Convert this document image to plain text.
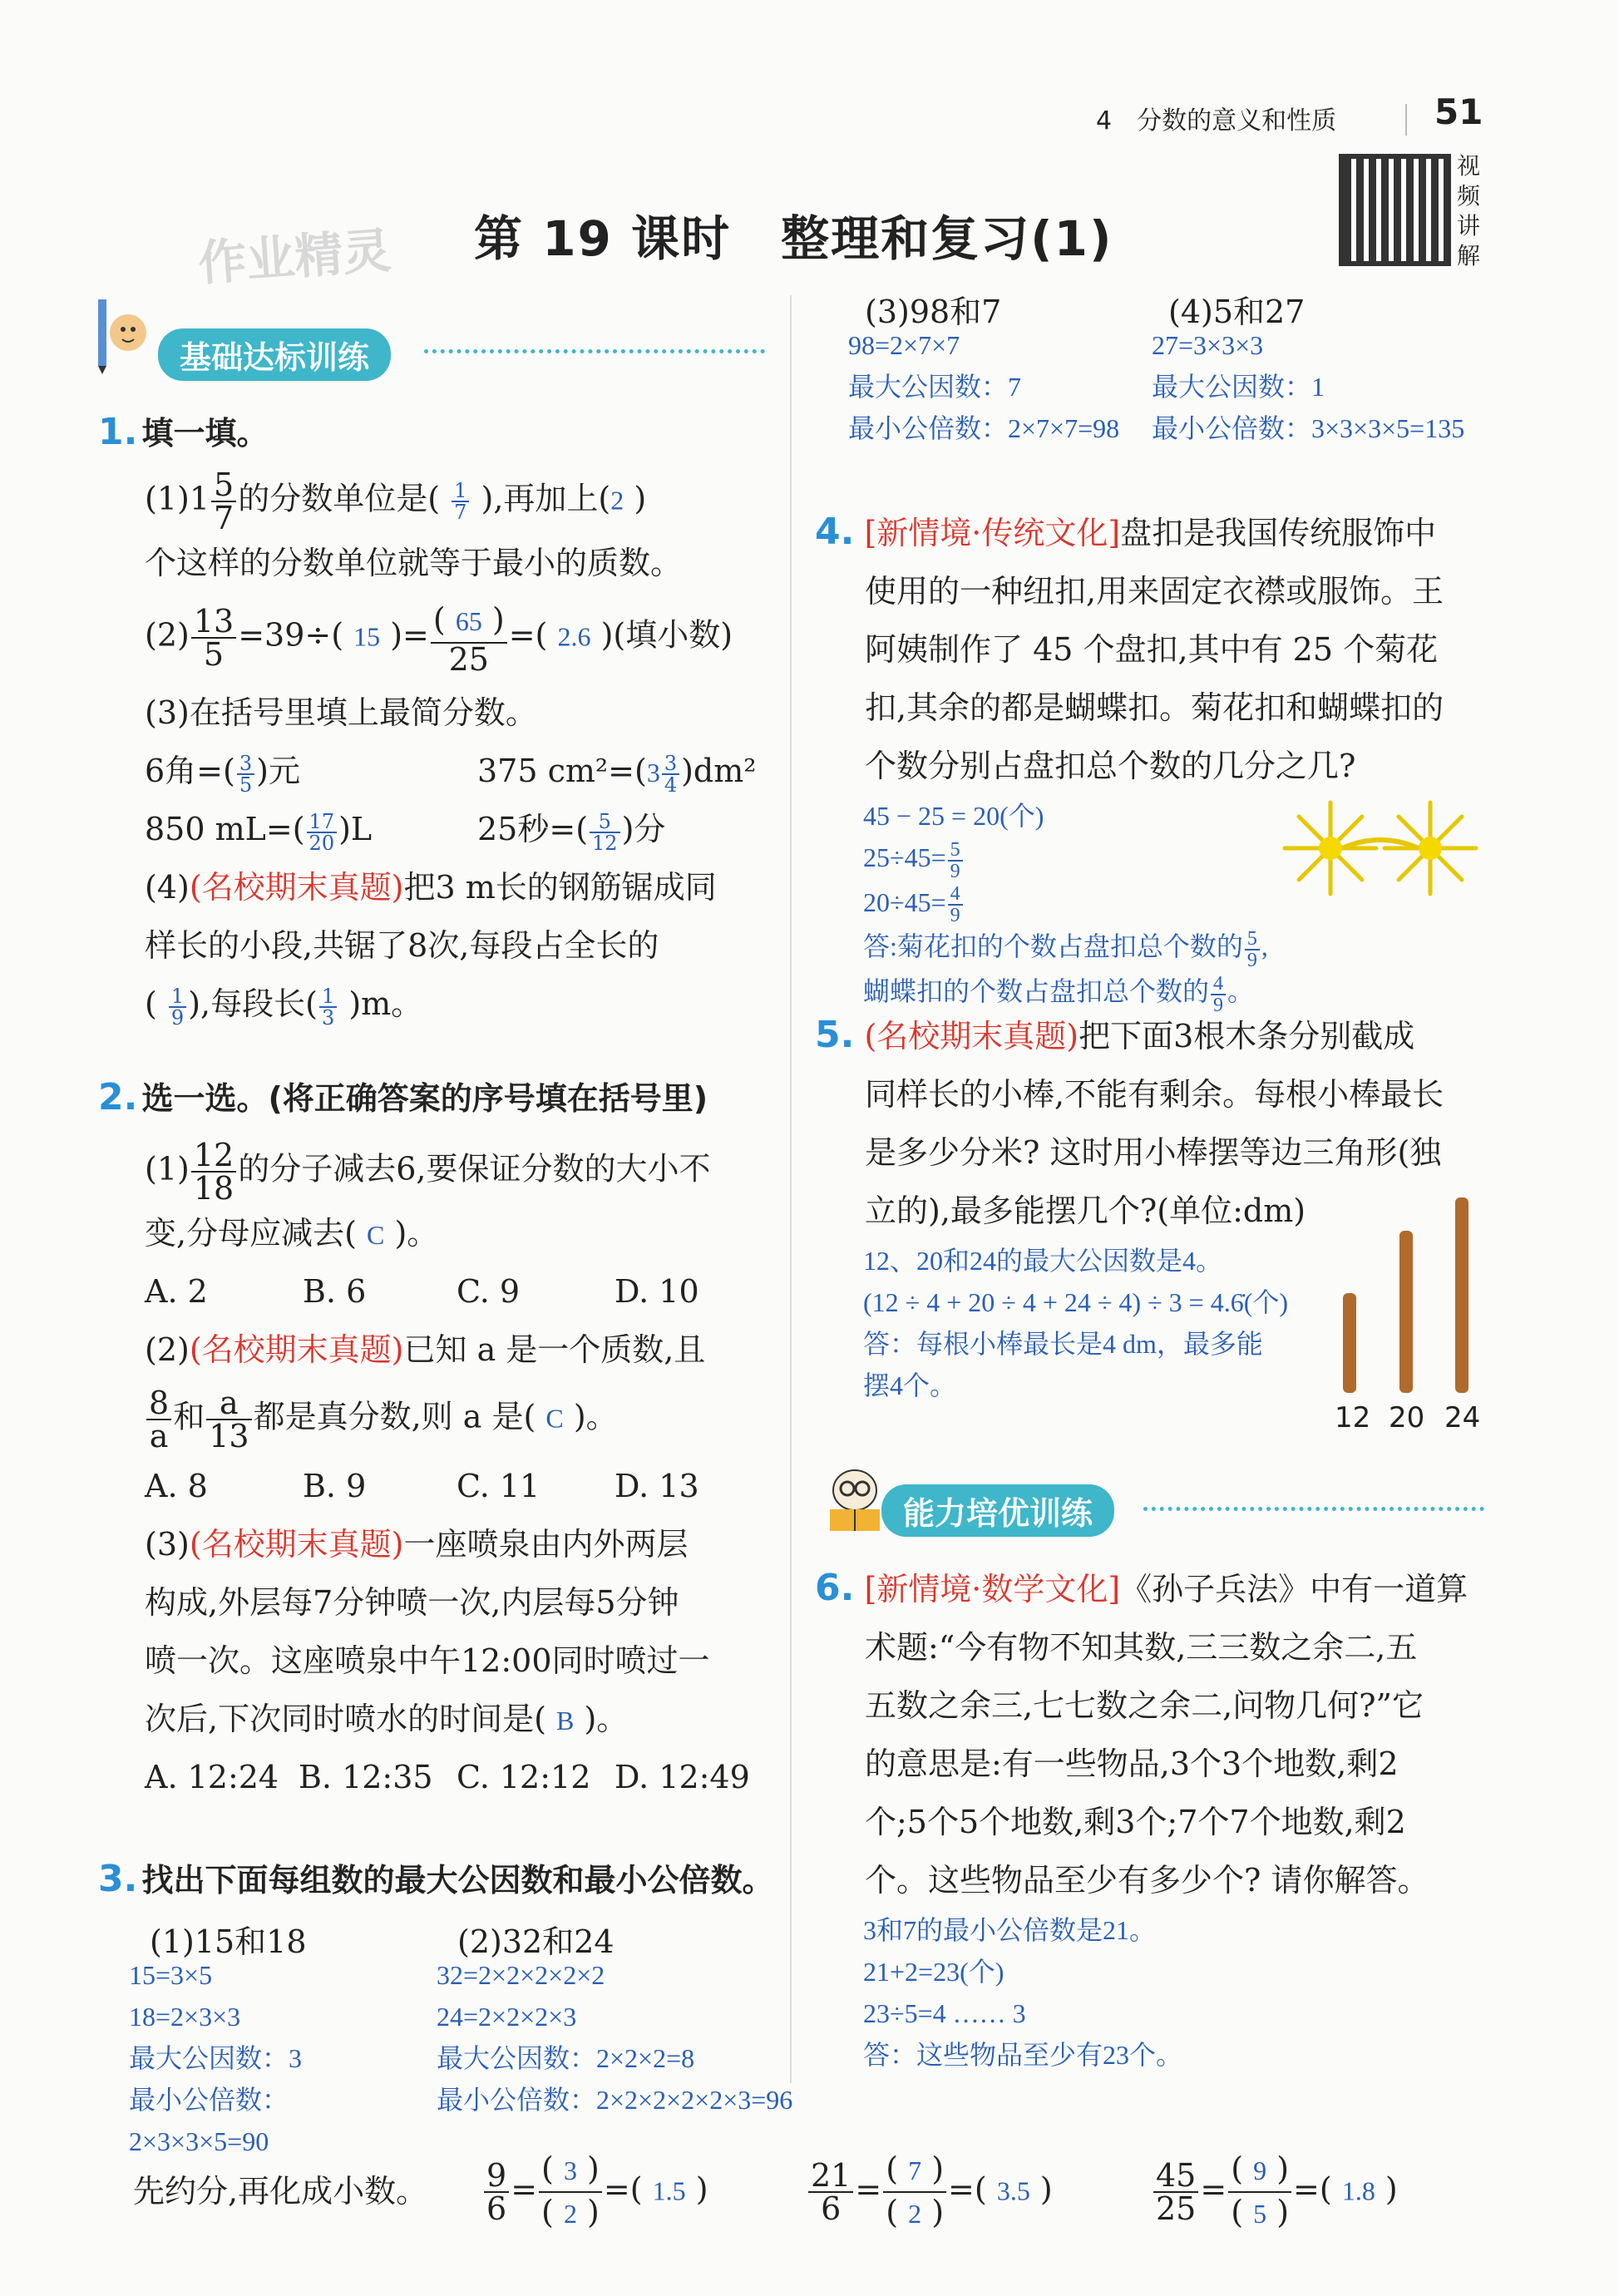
4　分数的意义和性质	51
视
频
讲
解
作业精灵 第 19 课时　整理和复习(1)
基础达标训练
1. 填一填。
$(1)1 \frac{5}{7}$ 的分数单位是( $\frac{1}{7}$ ),再加上(2 )
个这样的分数单位就等于最小的质数。
$(2) \frac{13}{5} =39\div$( 15 )= $\frac{( 65 )}{25}$ =( 2.6 )(填小数)
(3)在括号里填上最简分数。
6角=( $\frac{3}{5}$ )元	375 $cm^2=(3 \frac{3}{4} )dm^2$
850 $mL=( \frac{17}{20} )L$	25秒=( $\frac{5}{12}$ )分
(4)(名校期末真题)把3 m长的钢筋锯成同
样长的小段,共锯了8次,每段占全长的
( $\frac{1}{9}$ ),每段长( $\frac{1}{3} )m$。
2. 选一选。(将正确答案的序号填在括号里)
$(1) \frac{12}{18}$ 的分子减去6,要保证分数的大小不
变,分母应减去( C )。
A. 2	B. 6	C. 9	D. 10
(2)(名校期末真题)已知 a 是一个质数,且
$\frac{8}{a}$ 和 $\frac{a}{13}$ 都是真分数,则 a 是( C )。
A. 8	B. 9	C. 11 D. 13
(3)(名校期末真题)一座喷泉由内外两层
构成,外层每7分钟喷一次,内层每5分钟
喷一次。这座喷泉中午12:00同时喷过一
次后,下次同时喷水的时间是( B )。
A. 12:24 B. 12:35 C. 12:12 D. 12:49
3. 找出下面每组数的最大公因数和最小公倍数。
(1)15和18	(2)32和24
15=3×5
18=2×3×3
最大公因数：3
最小公倍数：
2×3×3×5=90
32=2×2×2×2×2
24=2×2×2×3
最大公因数：2×2×2=8
最小公倍数：2×2×2×2×2×3=96
(3)98和7	(4)5和27
98=2×7×7
最大公因数：7
最小公倍数：2×7×7=98
27=3×3×3
最大公因数：1
最小公倍数：3×3×3×5=135
4. [新情境·传统文化]盘扣是我国传统服饰中
使用的一种纽扣,用来固定衣襟或服饰。王
阿姨制作了 45 个盘扣,其中有 25 个菊花
扣,其余的都是蝴蝶扣。菊花扣和蝴蝶扣的
个数分别占盘扣总个数的几分之几?
45 − 25 = 20(个)
$25\div 45= \frac{5}{9}$
$20\div 45= \frac{4}{9}$
答:菊花扣的个数占盘扣总个数的 $\frac{5}{9}$ ,
蝴蝶扣的个数占盘扣总个数的 $\frac{4}{9}$ 。
5. (名校期末真题)把下面3根木条分别截成
同样长的小棒,不能有剩余。每根小棒最长
是多少分米? 这时用小棒摆等边三角形(独
立的),最多能摆几个?(单位:dm)
12、20和24的最大公因数是4。
(12 ÷ 4 + 20 ÷ 4 + 24 ÷ 4) ÷ 3 = 4.6̇(个)
答：每根小棒最长是4 dm，最多能
摆4个。
12 20 24
能力培优训练
6. [新情境·数学文化]《孙子兵法》中有一道算
术题:“今有物不知其数,三三数之余二,五
五数之余三,七七数之余二,问物几何?”它
的意思是:有一些物品,3个3个地数,剩2
个;5个5个地数,剩3个;7个7个地数,剩2
个。这些物品至少有多少个? 请你解答。
3和7的最小公倍数是21。
21+2=23(个)
23÷5=4 …… 3
答：这些物品至少有23个。
先约分,再化成小数。 $\frac{9}{6} = \frac{( 3 )}{( 2 )}$ =( 1.5 )	$\frac{21}{6} = \frac{( 7 )}{( 2 )}$ =( 3.5 )	$\frac{45}{25} = \frac{( 9 )}{( 5 )}$ =( 1.8 )
